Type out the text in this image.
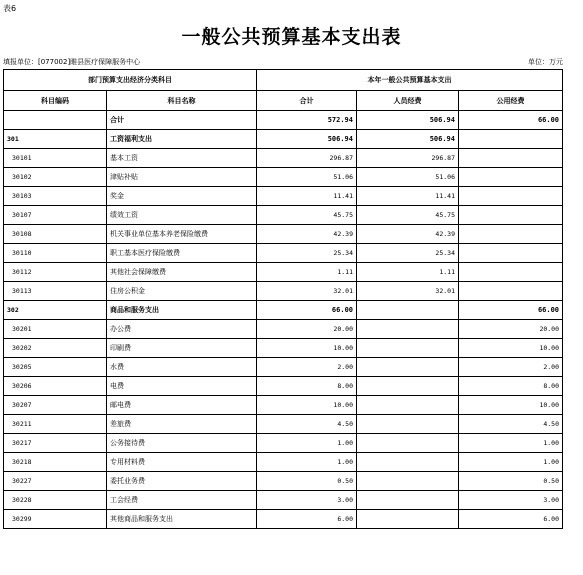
表6
一般公共预算基本支出表
填报单位：[077002]睢县医疗保障服务中心	单位：万元
部门预算支出经济分类科目		本年一般公共预算基本支出		
科目编码	科目名称	合计	人员经费	公用经费
	合计	572.94	506.94	66.00
301	工资福利支出	506.94	506.94	
30101	基本工资	296.87	296.87	
30102	津贴补贴	51.06	51.06	
30103	奖金	11.41	11.41	
30107	绩效工资	45.75	45.75	
30108	机关事业单位基本养老保险缴费	42.39	42.39	
30110	职工基本医疗保险缴费	25.34	25.34	
30112	其他社会保障缴费	1.11	1.11	
30113	住房公积金	32.01	32.01	
302	商品和服务支出	66.00		66.00
30201	办公费	20.00		20.00
30202	印刷费	10.00		10.00
30205	水费	2.00		2.00
30206	电费	8.00		8.00
30207	邮电费	10.00		10.00
30211	差旅费	4.50		4.50
30217	公务接待费	1.00		1.00
30218	专用材料费	1.00		1.00
30227	委托业务费	0.50		0.50
30228	工会经费	3.00		3.00
30299	其他商品和服务支出	6.00		6.00
